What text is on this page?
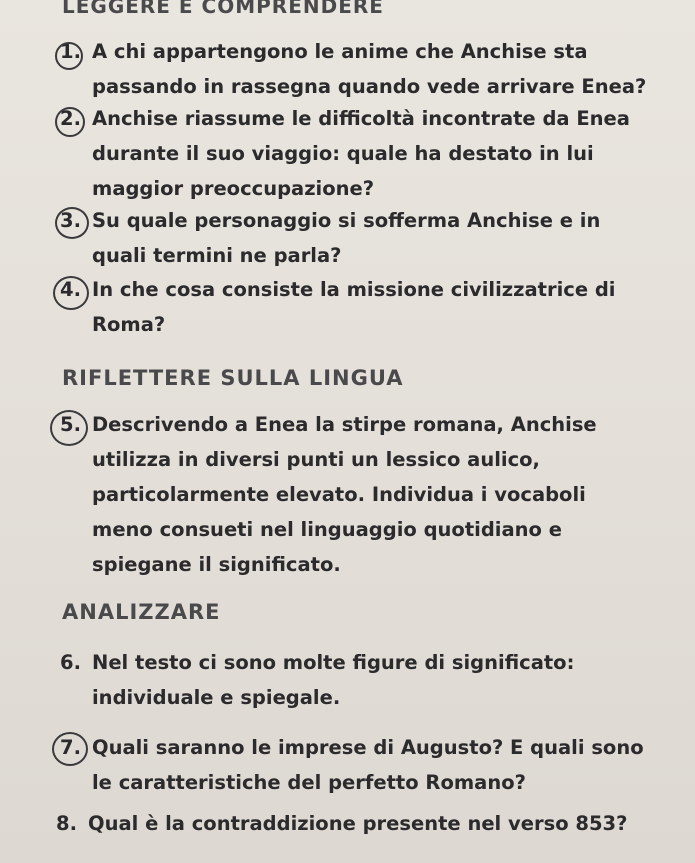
LEGGERE E COMPRENDERE
1. A chi appartengono le anime che Anchise sta passando in rassegna quando vede arrivare Enea?
2. Anchise riassume le difficoltà incontrate da Enea durante il suo viaggio: quale ha destato in lui maggior preoccupazione?
3. Su quale personaggio si sofferma Anchise e in quali termini ne parla?
4. In che cosa consiste la missione civilizzatrice di Roma?
RIFLETTERE SULLA LINGUA
5. Descrivendo a Enea la stirpe romana, Anchise utilizza in diversi punti un lessico aulico, particolarmente elevato. Individua i vocaboli meno consueti nel linguaggio quotidiano e spiegane il significato.
ANALIZZARE
6. Nel testo ci sono molte figure di significato: individuale e spiegale.
7. Quali saranno le imprese di Augusto? E quali sono le caratteristiche del perfetto Romano?
8. Qual è la contraddizione presente nel verso 853?
